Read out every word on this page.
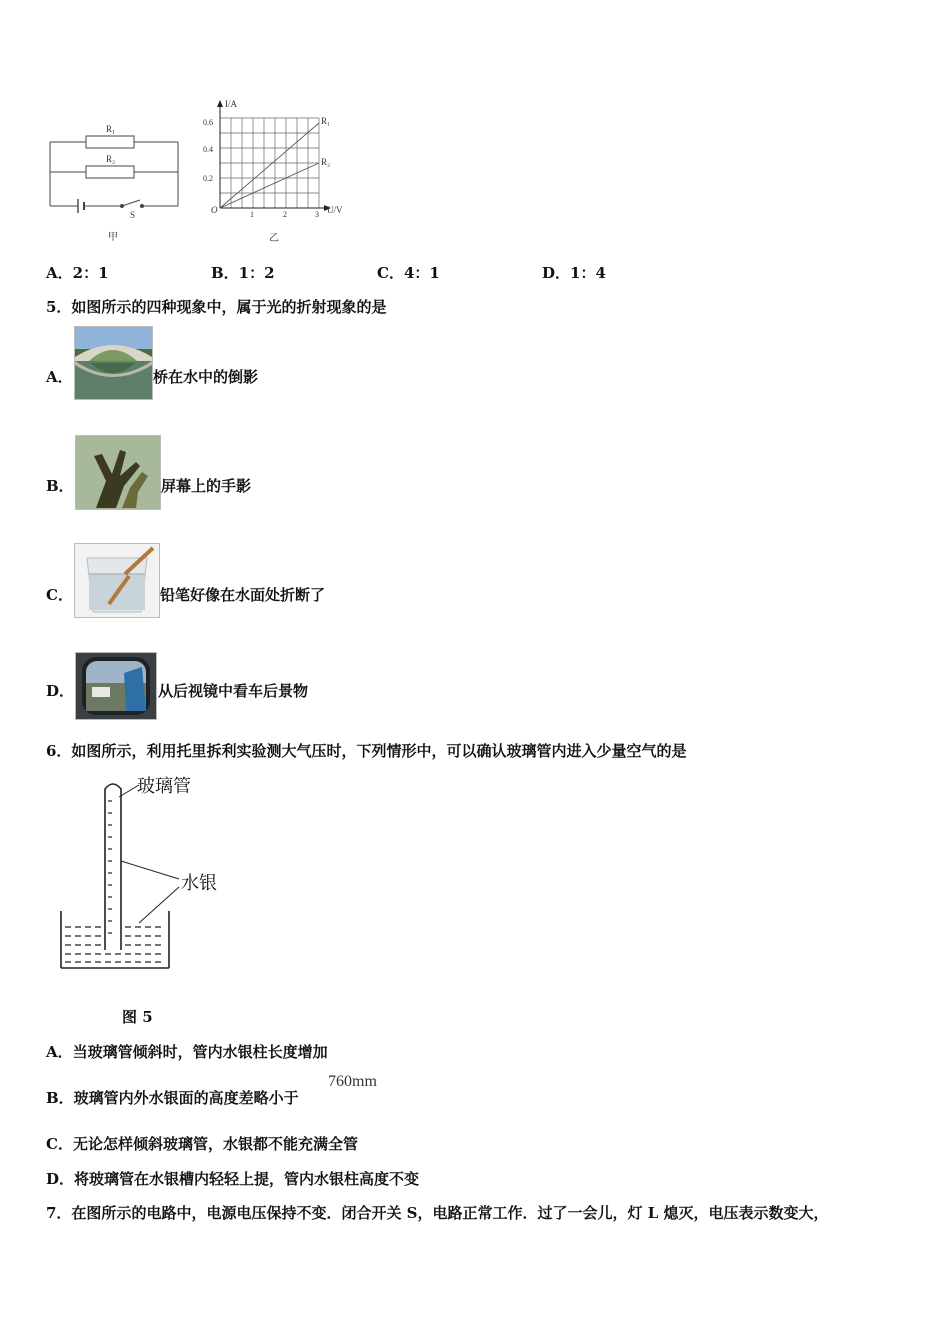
R₁
R₂
S
甲
I/A
U/V
O
0.6
0.4
0.2
1	2	3
R₁
R₂
乙
A．2：1	B．1：2	C．4：1	D．1：4
5．如图所示的四种现象中，属于光的折射现象的是
A．	桥在水中的倒影
B．	屏幕上的手影
C．	铅笔好像在水面处折断了
D．	从后视镜中看车后景物
6．如图所示，利用托里拆利实验测大气压时，下列情形中，可以确认玻璃管内进入少量空气的是
玻璃管
水银
图 5
A．当玻璃管倾斜时，管内水银柱长度增加
B．玻璃管内外水银面的高度差略小于
760mm
C．无论怎样倾斜玻璃管，水银都不能充满全管
D．将玻璃管在水银槽内轻轻上提，管内水银柱高度不变
7．在图所示的电路中，电源电压保持不变．闭合开关 S，电路正常工作．过了一会儿，灯 L 熄灭，电压表示数变大，
